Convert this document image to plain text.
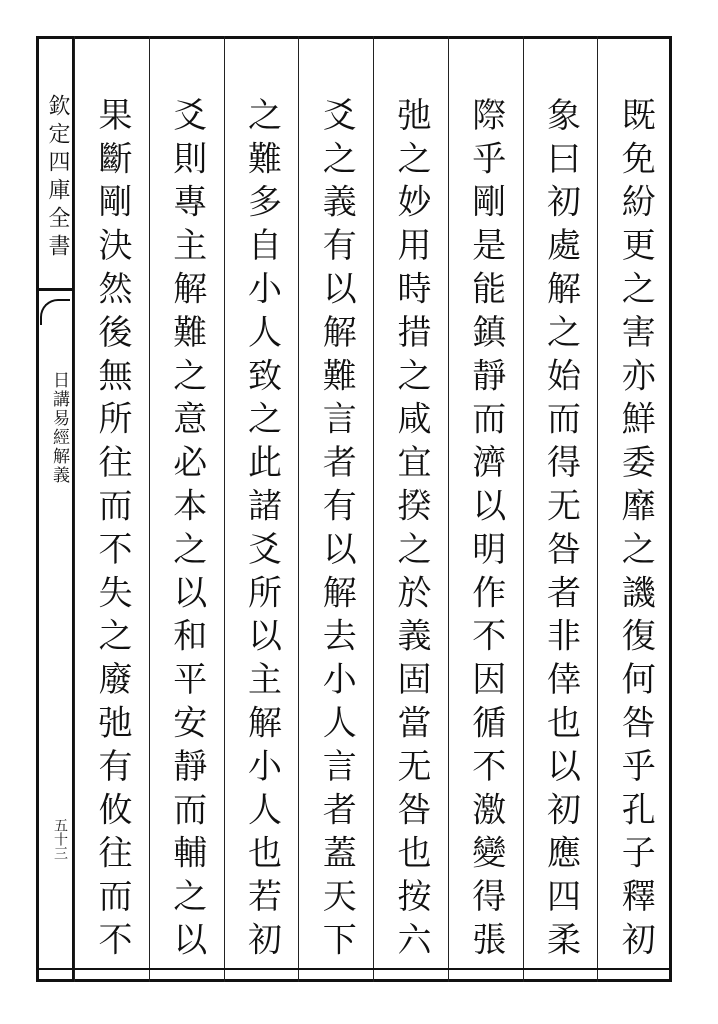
欽定四庫全書
日講易經解義
五十三	既免紛更之害亦鮮委靡之譏復何咎乎孔子釋初
象曰初處解之始而得无咎者非倖也以初應四柔
際乎剛是能鎮靜而濟以明作不因循不激變得張
弛之妙用時措之咸宜揆之於義固當无咎也按六
爻之義有以解難言者有以解去小人言者蓋天下
之難多自小人致之此諸爻所以主解小人也若初
爻則專主解難之意必本之以和平安靜而輔之以
果斷剛決然後無所往而不失之廢弛有攸往而不
